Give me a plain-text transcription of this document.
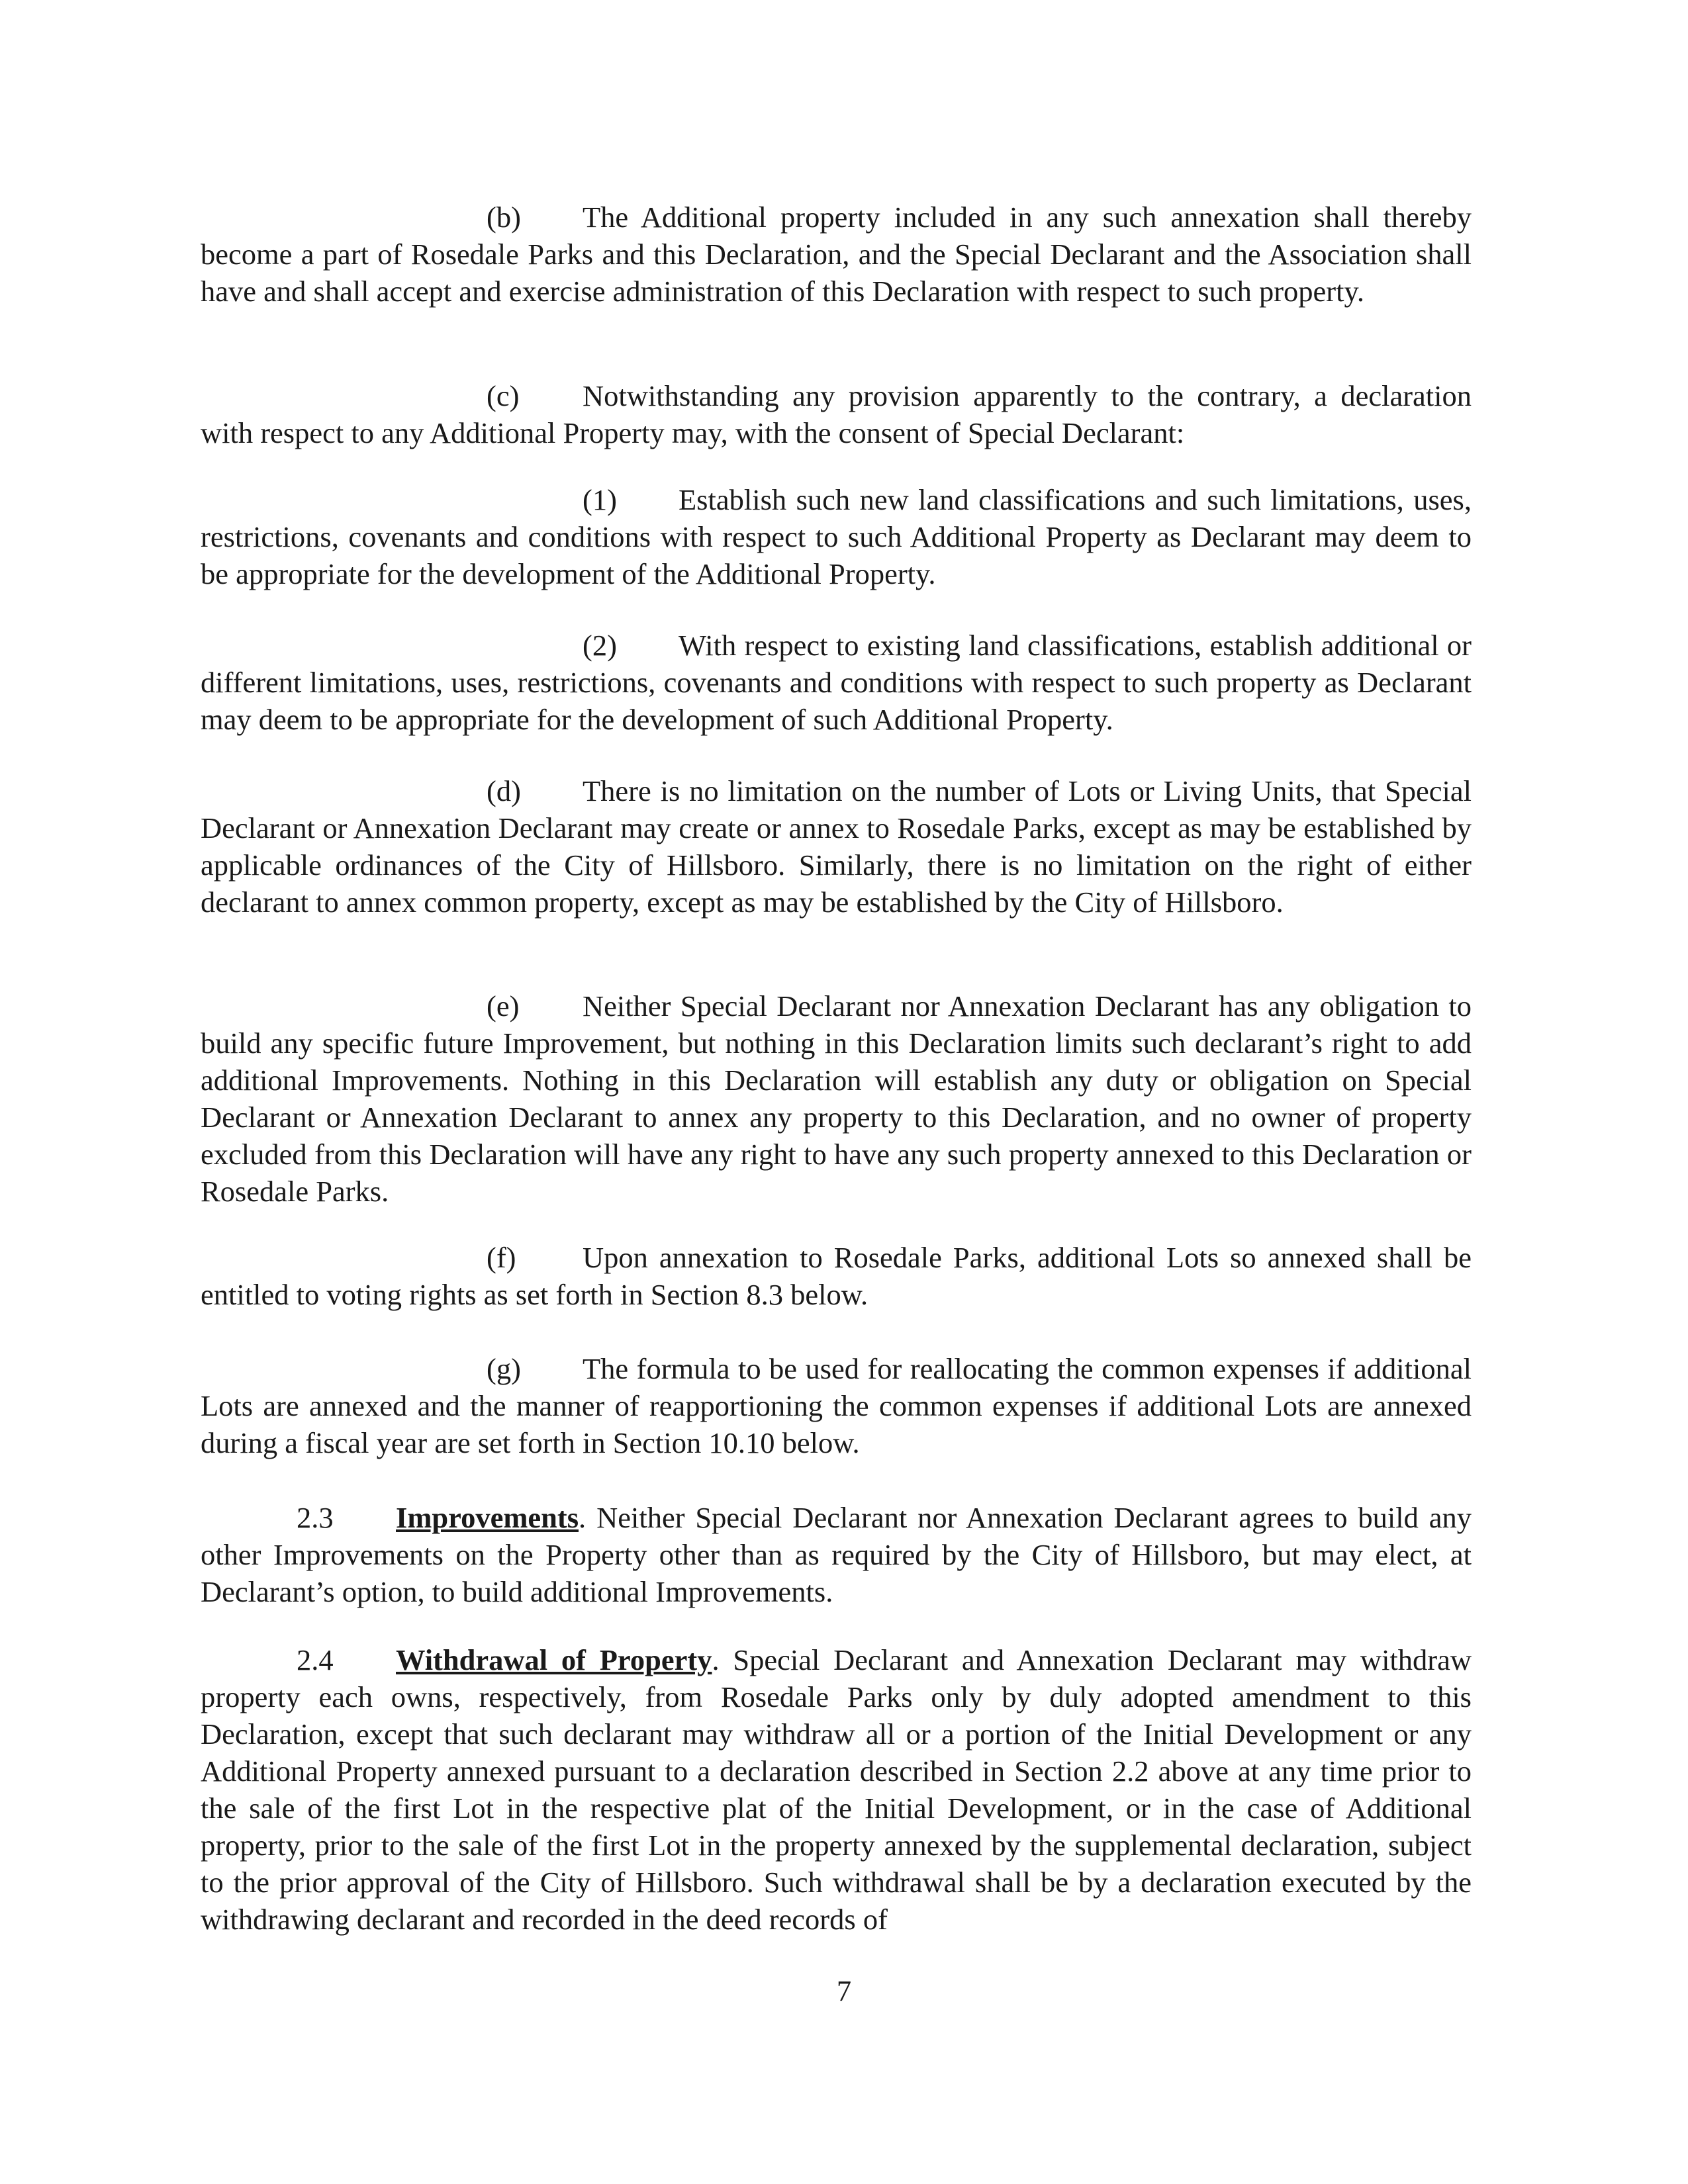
(b) The Additional property included in any such annexation shall thereby become a part of Rosedale Parks and this Declaration, and the Special Declarant and the Association shall have and shall accept and exercise administration of this Declaration with respect to such property.

(c) Notwithstanding any provision apparently to the contrary, a declaration with respect to any Additional Property may, with the consent of Special Declarant:

(1) Establish such new land classifications and such limitations, uses, restrictions, covenants and conditions with respect to such Additional Property as Declarant may deem to be appropriate for the development of the Additional Property.

(2) With respect to existing land classifications, establish additional or different limitations, uses, restrictions, covenants and conditions with respect to such property as Declarant may deem to be appropriate for the development of such Additional Property.

(d) There is no limitation on the number of Lots or Living Units, that Special Declarant or Annexation Declarant may create or annex to Rosedale Parks, except as may be established by applicable ordinances of the City of Hillsboro. Similarly, there is no limitation on the right of either declarant to annex common property, except as may be established by the City of Hillsboro.

(e) Neither Special Declarant nor Annexation Declarant has any obligation to build any specific future Improvement, but nothing in this Declaration limits such declarant’s right to add additional Improvements. Nothing in this Declaration will establish any duty or obligation on Special Declarant or Annexation Declarant to annex any property to this Declaration, and no owner of property excluded from this Declaration will have any right to have any such property annexed to this Declaration or Rosedale Parks.

(f) Upon annexation to Rosedale Parks, additional Lots so annexed shall be entitled to voting rights as set forth in Section 8.3 below.

(g) The formula to be used for reallocating the common expenses if additional Lots are annexed and the manner of reapportioning the common expenses if additional Lots are annexed during a fiscal year are set forth in Section 10.10 below.

2.3 Improvements. Neither Special Declarant nor Annexation Declarant agrees to build any other Improvements on the Property other than as required by the City of Hillsboro, but may elect, at Declarant’s option, to build additional Improvements.

2.4 Withdrawal of Property. Special Declarant and Annexation Declarant may withdraw property each owns, respectively, from Rosedale Parks only by duly adopted amendment to this Declaration, except that such declarant may withdraw all or a portion of the Initial Development or any Additional Property annexed pursuant to a declaration described in Section 2.2 above at any time prior to the sale of the first Lot in the respective plat of the Initial Development, or in the case of Additional property, prior to the sale of the first Lot in the property annexed by the supplemental declaration, subject to the prior approval of the City of Hillsboro. Such withdrawal shall be by a declaration executed by the withdrawing declarant and recorded in the deed records of

7
